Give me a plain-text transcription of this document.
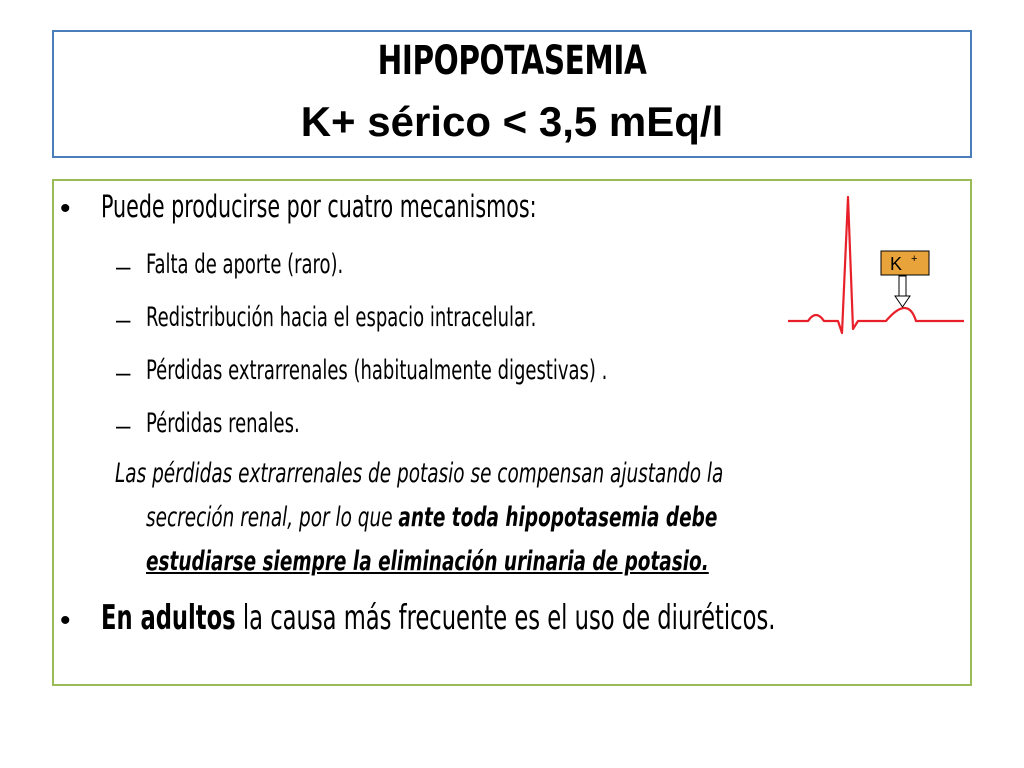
HIPOPOTASEMIA
K+ sérico < 3,5 mEq/l
K +
• Puede producirse por cuatro mecanismos:
– Falta de aporte (raro).
– Redistribución hacia el espacio intracelular.
– Pérdidas extrarrenales (habitualmente digestivas) .
– Pérdidas renales.
Las pérdidas extrarrenales de potasio se compensan ajustando la
secreción renal, por lo que ante toda hipopotasemia debe
estudiarse siempre la eliminación urinaria de potasio.
• En adultos la causa más frecuente es el uso de diuréticos.
